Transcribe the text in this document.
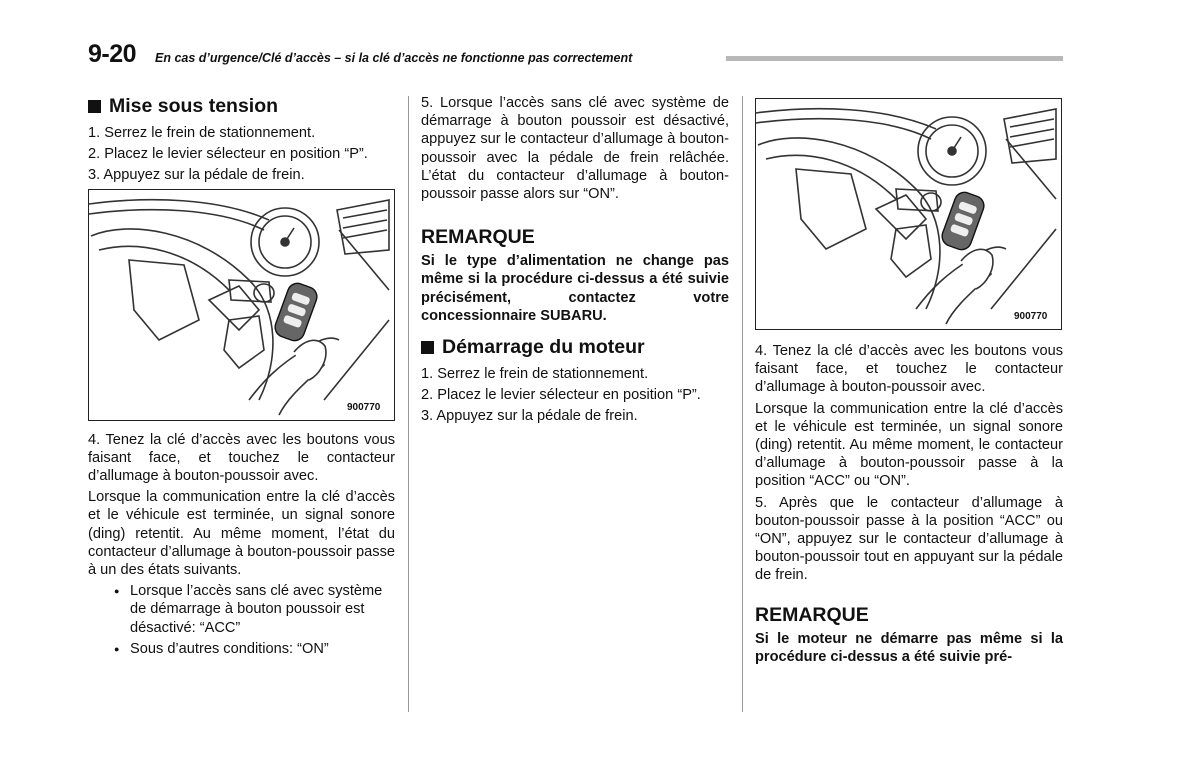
9-20 En cas d’urgence/Clé d’accès – si la clé d’accès ne fonctionne pas correctement
Mise sous tension

1. Serrez le frein de stationnement.

2. Placez le levier sélecteur en position “P”.

3. Appuyez sur la pédale de frein.

900770

4. Tenez la clé d’accès avec les boutons vous faisant face, et touchez le contacteur d’allumage à bouton-poussoir avec.

Lorsque la communication entre la clé d’accès et le véhicule est terminée, un signal sonore (ding) retentit. Au même moment, l’état du contacteur d’allumage à bouton-poussoir passe à un des états suivants.

● Lorsque l’accès sans clé avec système de démarrage à bouton poussoir est désactivé: “ACC”
● Sous d’autres conditions: “ON”

5. Lorsque l’accès sans clé avec système de démarrage à bouton poussoir est désactivé, appuyez sur le contacteur d’allumage à bouton-poussoir avec la pédale de frein relâchée. L’état du contacteur d’allumage à bouton-poussoir passe alors sur “ON”.

REMARQUE

Si le type d’alimentation ne change pas même si la procédure ci-dessus a été suivie précisément, contactez votre concessionnaire SUBARU.

Démarrage du moteur

1. Serrez le frein de stationnement.

2. Placez le levier sélecteur en position “P”.

3. Appuyez sur la pédale de frein.

900770

4. Tenez la clé d’accès avec les boutons vous faisant face, et touchez le contacteur d’allumage à bouton-poussoir avec.

Lorsque la communication entre la clé d’accès et le véhicule est terminée, un signal sonore (ding) retentit. Au même moment, le contacteur d’allumage à bouton-poussoir passe à la position “ACC” ou “ON”.

5. Après que le contacteur d’allumage à bouton-poussoir passe à la position “ACC” ou “ON”, appuyez sur le contacteur d’allumage à bouton-poussoir tout en appuyant sur la pédale de frein.

REMARQUE

Si le moteur ne démarre pas même si la procédure ci-dessus a été suivie pré-
